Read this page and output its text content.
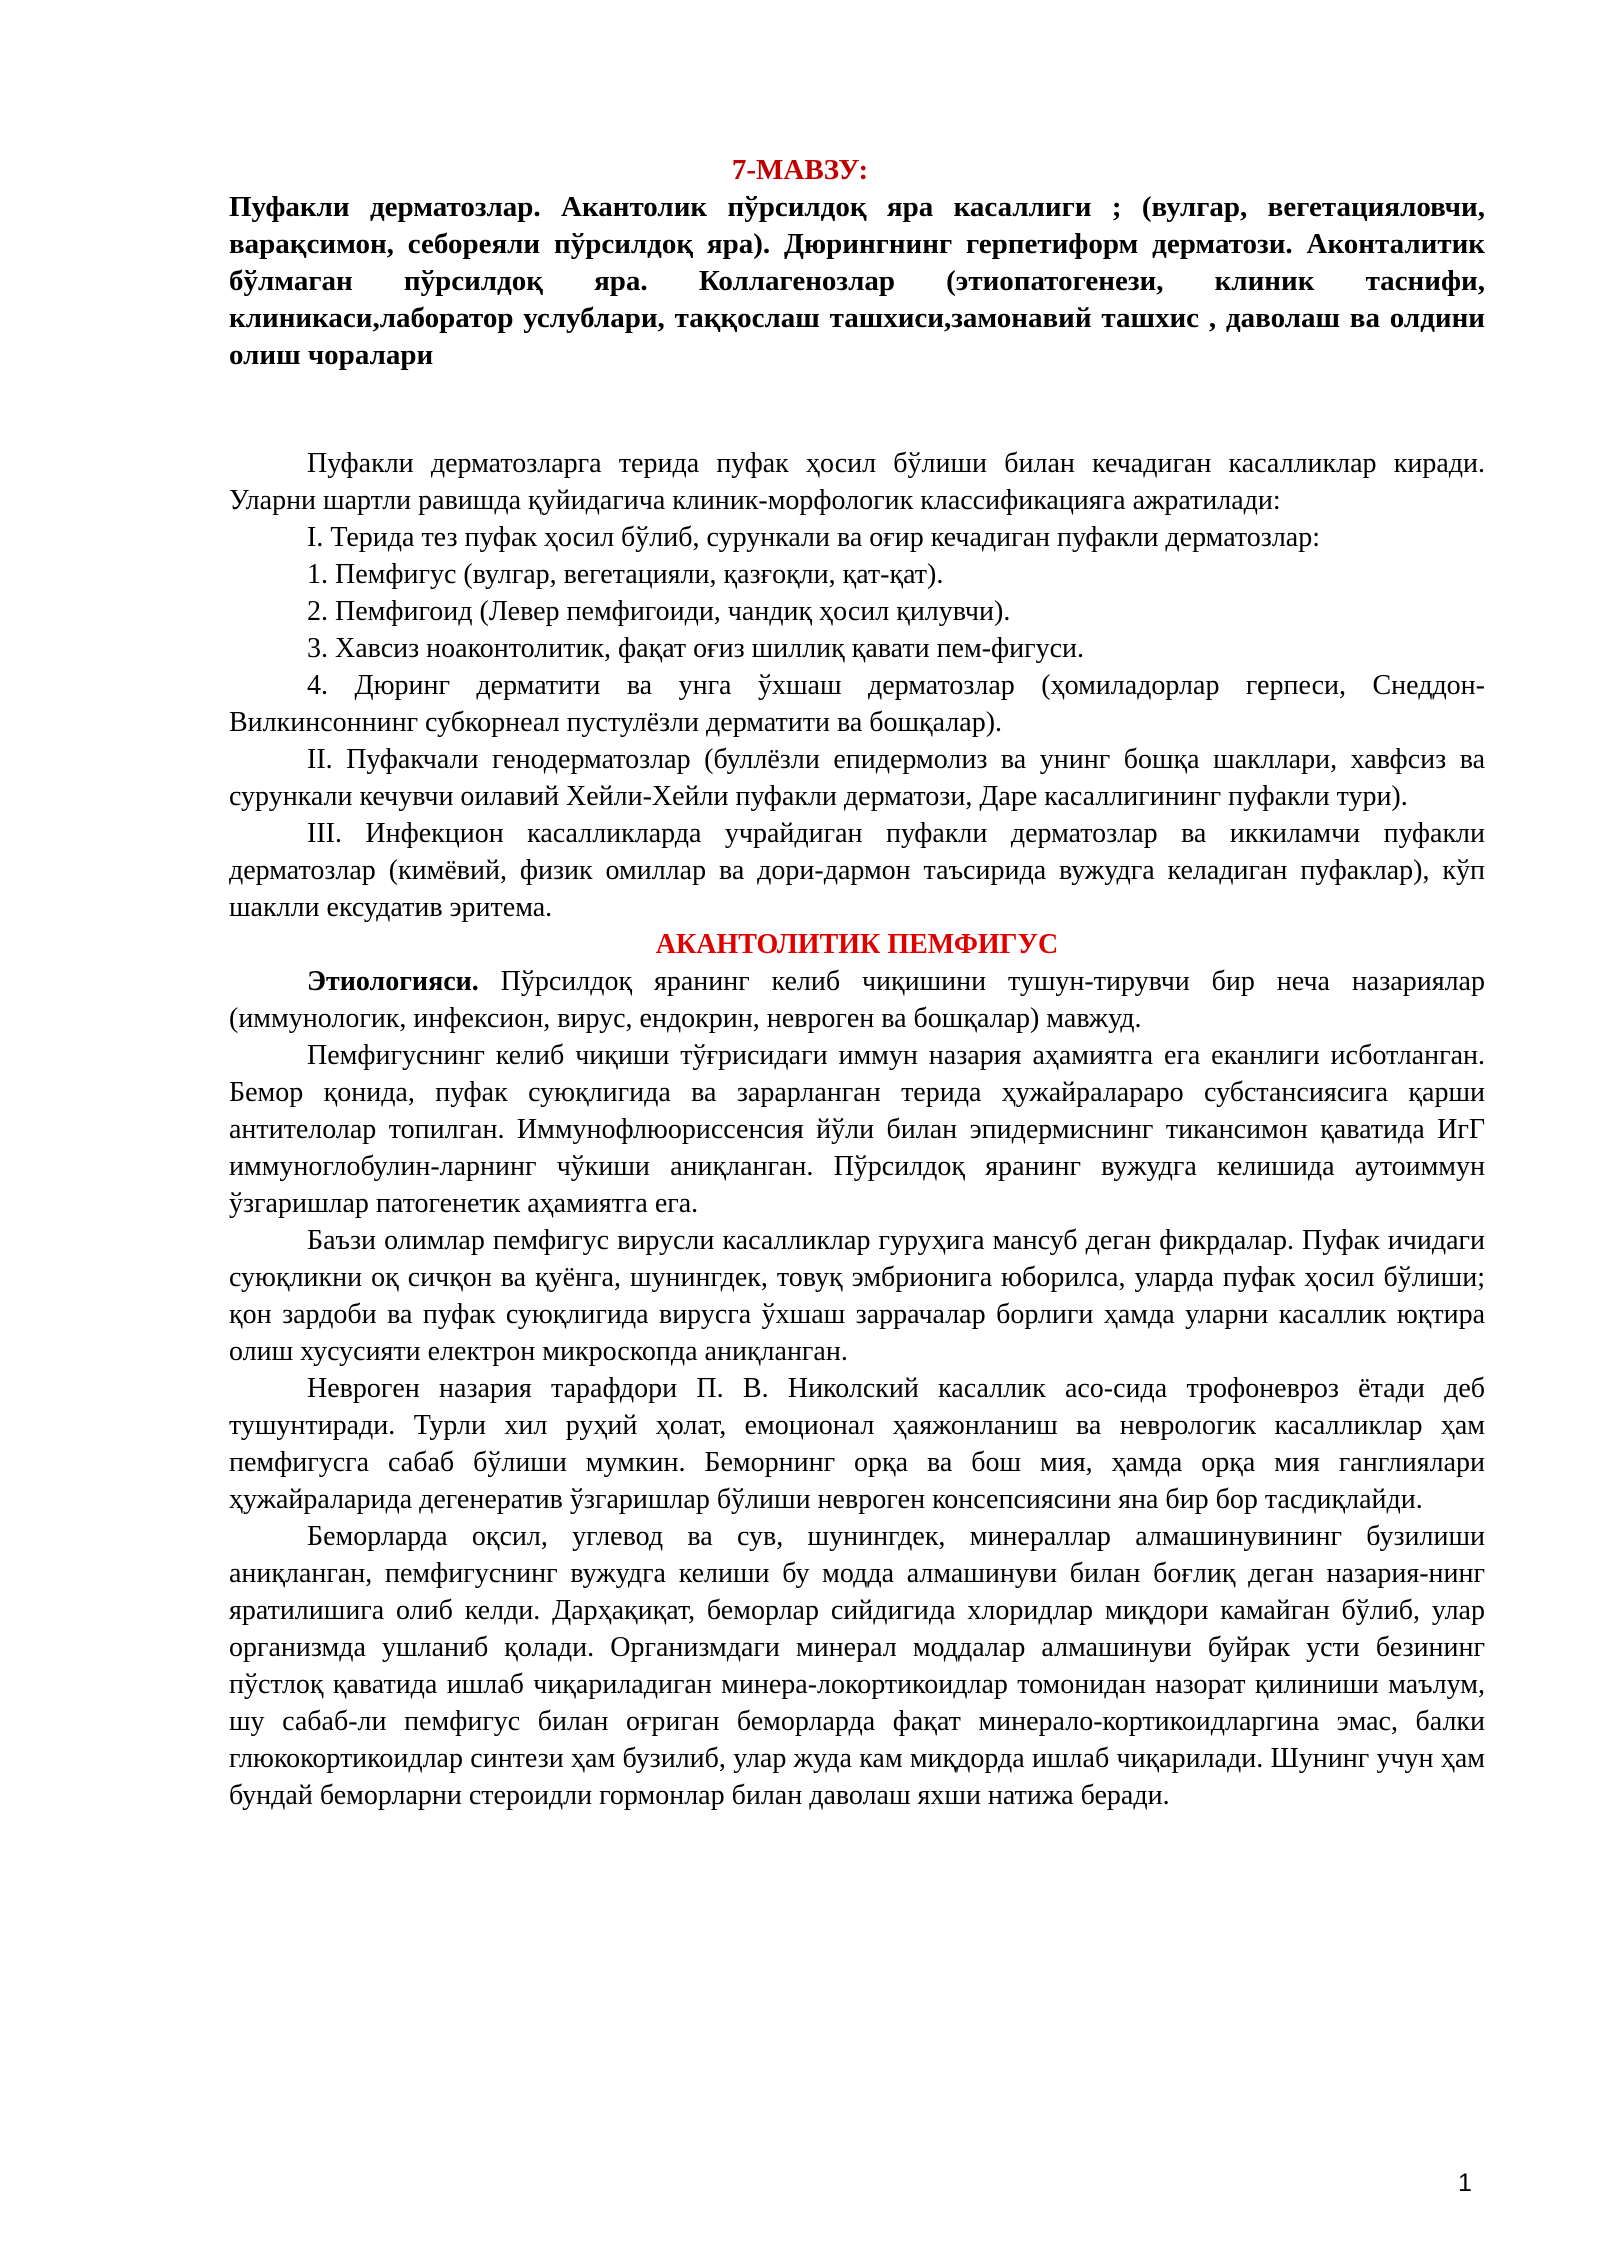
7-МАВЗУ:
Пуфакли дерматозлар. Акантолик пўрсилдоқ яра касаллиги ; (вулгар, вегетацияловчи, варақсимон, себорeяли пўрсилдоқ яра). Дюрингнинг герпетиформ дерматози. Аконталитик бўлмаган пўрсилдоқ яра. Коллагенозлар (этиопатогенези, клиник таснифи, клиникаси,лаборатор услублари, таққослаш ташхиси,замонавий ташхис , даволаш ва олдини олиш чоралари

Пуфакли дерматозларга терида пуфак ҳосил бўлиши билан кечадиган касалликлар киради. Уларни шартли равишда қуйидагича клиник-морфологик классификацияга ажратилади:

I. Терида тез пуфак ҳосил бўлиб, сурункали ва оғир кечадиган пуфакли дерматозлар:

1. Пемфигус (вулгар, вегетацияли, қазғоқли, қат-қат).

2. Пемфигоид (Левер пемфигоиди, чандиқ ҳосил қилувчи).

3. Хавсиз ноаконтолитик, фақат оғиз шиллиқ қавати пем-фигуси.

4. Дюринг дерматити ва унга ўхшаш дерматозлар (ҳомиладорлар герпеси, Снеддон-Вилкинсоннинг субкорнеал пустулёзли дерматити ва бошқалар).

II. Пуфакчали генодерматозлар (буллёзли епидермолиз ва унинг бошқа шакллари, хавфсиз ва сурункали кечувчи оилавий Хейли-Хейли пуфакли дерматози, Даре касаллигининг пуфакли тури).

III. Инфекцион касалликларда учрайдиган пуфакли дерматозлар ва иккиламчи пуфакли дерматозлар (кимёвий, физик омиллар ва дори-дармон таъсирида вужудга келадиган пуфаклар), кўп шаклли ексудатив эритема.

АКАНТОЛИТИК ПЕМФИГУС

Этиологияси. Пўрсилдоқ яранинг келиб чиқишини тушун-тирувчи бир неча назариялар (иммунологик, инфексион, вирус, ендокрин, неврогeн ва бошқалар) мавжуд.

Пемфигуснинг келиб чиқиши тўғрисидаги иммун назария аҳамиятга ега еканлиги исботланган. Бемор қонида, пуфак суюқлигида ва зарарланган терида ҳужайралараро субстансиясига қарши антителолар топилган. Иммунофлюориссенсия йўли билан эпидермиснинг тикансимон қаватида ИгГ иммуноглобулин-ларнинг чўкиши аниқланган. Пўрсилдоқ яранинг вужудга келишида аутоиммун ўзгаришлар патогенетик аҳамиятга ега.

Баъзи олимлар пемфигус вирусли касалликлар гуруҳига мансуб деган фикрдалар. Пуфак ичидаги суюқликни оқ сичқон ва қуёнга, шунингдек, товуқ эмбрионига юборилса, уларда пуфак ҳосил бўлиши; қон зардоби ва пуфак суюқлигида вирусга ўхшаш заррачалар борлиги ҳамда уларни касаллик юқтира олиш хусусияти електрон микроскопда аниқланган.

Неврогeн назария тарафдори П. В. Николский касаллик асо-сида трофоневроз ётади деб тушунтиради. Турли хил руҳий ҳолат, емоционал ҳаяжонланиш ва неврологик касалликлар ҳам пемфигусга сабаб бўлиши мумкин. Беморнинг орқа ва бош мия, ҳамда орқа мия ганглиялари ҳужайраларида дегенератив ўзгаришлар бўлиши неврогeн консепсиясини яна бир бор тасдиқлайди.

Беморларда оқсил, углевод ва сув, шунингдек, минераллар алмашинувининг бузилиши аниқланган, пемфигуснинг вужудга келиши бу модда алмашинуви билан боғлиқ деган назария-нинг яратилишига олиб келди. Дарҳақиқат, беморлар сийдигида хлоридлар миқдори камайган бўлиб, улар организмда ушланиб қолади. Организмдаги минерал моддалар алмашинуви буйрак усти безининг пўстлоқ қаватида ишлаб чиқариладиган минера-локортикоидлар томонидан назорат қилиниши маълум, шу сабаб-ли пемфигус билан оғриган беморларда фақат минерало-кортикоидларгина эмас, балки глюкокортикоидлар синтези ҳам бузилиб, улар жуда кам миқдорда ишлаб чиқарилади. Шунинг учун ҳам бундай беморларни стероидли гормонлар билан даволаш яхши натижа беради.

1
